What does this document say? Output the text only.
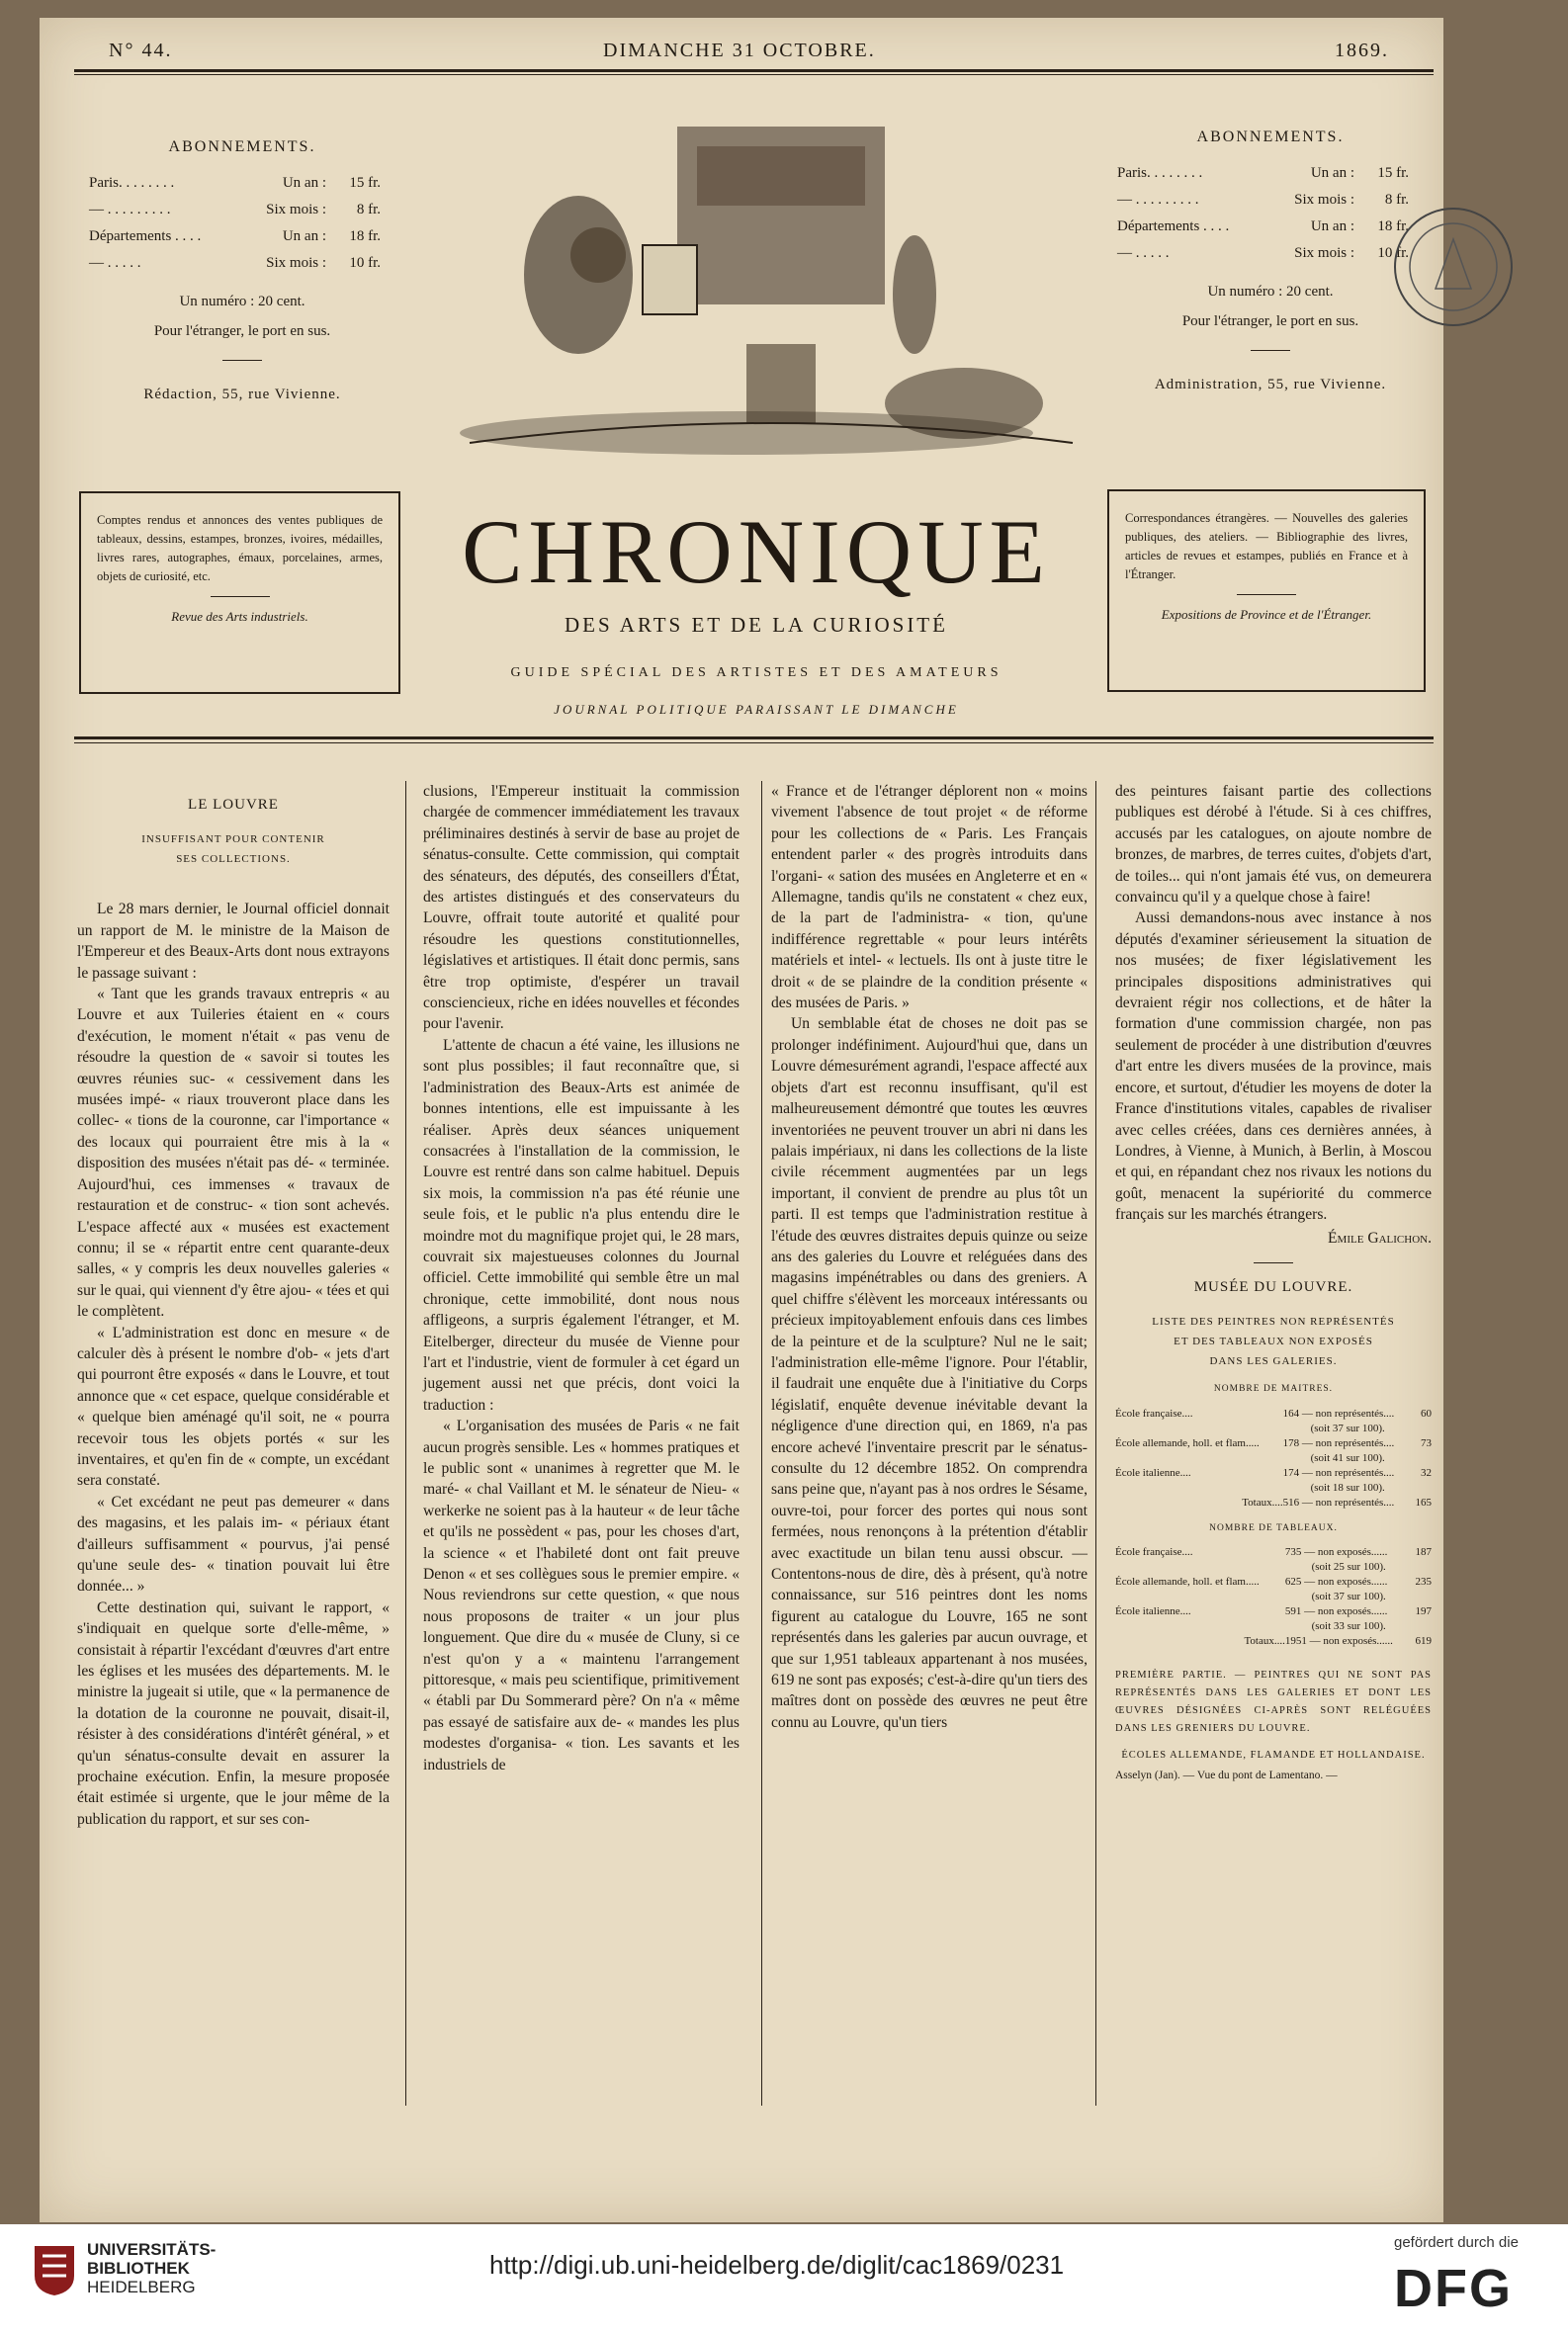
N° 44.	DIMANCHE 31 OCTOBRE.	1869.
ABONNEMENTS.
Paris. . . . . . . .	Un an :	15 fr.
— . . . . . . . . .	Six mois :	8 fr.
Départements . . . .	Un an :	18 fr.
— . . . . .	Six mois :	10 fr.
Un numéro : 20 cent.
Pour l'étranger, le port en sus.
Rédaction, 55, rue Vivienne.
ABONNEMENTS.
Paris. . . . . . . .	Un an :	15 fr.
— . . . . . . . . .	Six mois :	8 fr.
Départements . . . .	Un an :	18 fr.
— . . . . .	Six mois :	10 fr.
Un numéro : 20 cent.
Pour l'étranger, le port en sus.
Administration, 55, rue Vivienne.
Comptes rendus et annonces des ventes publiques de tableaux, dessins, estampes, bronzes, ivoires, médailles, livres rares, autographes, émaux, porcelaines, armes, objets de curiosité, etc.
Revue des Arts industriels.
Correspondances étrangères. — Nouvelles des galeries publiques, des ateliers. — Bibliographie des livres, articles de revues et estampes, publiés en France et à l'Étranger.
Expositions de Province et de l'Étranger.
CHRONIQUE
DES ARTS ET DE LA CURIOSITÉ
GUIDE SPÉCIAL DES ARTISTES ET DES AMATEURS
JOURNAL POLITIQUE PARAISSANT LE DIMANCHE
LE LOUVRE
INSUFFISANT POUR CONTENIR
SES COLLECTIONS.

Le 28 mars dernier, le Journal officiel donnait un rapport de M. le ministre de la Maison de l'Empereur et des Beaux-Arts dont nous extrayons le passage suivant :

« Tant que les grands travaux entrepris « au Louvre et aux Tuileries étaient en « cours d'exécution, le moment n'était « pas venu de résoudre la question de « savoir si toutes les œuvres réunies suc- « cessivement dans les musées impé- « riaux trouveront place dans les collec- « tions de la couronne, car l'importance « des locaux qui pourraient être mis à la « disposition des musées n'était pas dé- « terminée. Aujourd'hui, ces immenses « travaux de restauration et de construc- « tion sont achevés. L'espace affecté aux « musées est exactement connu; il se « répartit entre cent quarante-deux salles, « y compris les deux nouvelles galeries « sur le quai, qui viennent d'y être ajou- « tées et qui le complètent.

« L'administration est donc en mesure « de calculer dès à présent le nombre d'ob- « jets d'art qui pourront être exposés « dans le Louvre, et tout annonce que « cet espace, quelque considérable et « quelque bien aménagé qu'il soit, ne « pourra recevoir tous les objets portés « sur les inventaires, et qu'en fin de « compte, un excédant sera constaté.

« Cet excédant ne peut pas demeurer « dans des magasins, et les palais im- « périaux étant d'ailleurs suffisamment « pourvus, j'ai pensé qu'une seule des- « tination pouvait lui être donnée... »

Cette destination qui, suivant le rapport, « s'indiquait en quelque sorte d'elle-même, » consistait à répartir l'excédant d'œuvres d'art entre les églises et les musées des départements. M. le ministre la jugeait si utile, que « la permanence de la dotation de la couronne ne pouvait, disait-il, résister à des considérations d'intérêt général, » et qu'un sénatus-consulte devait en assurer la prochaine exécution. Enfin, la mesure proposée était estimée si urgente, que le jour même de la publication du rapport, et sur ses con-

clusions, l'Empereur instituait la commission chargée de commencer immédiatement les travaux préliminaires destinés à servir de base au projet de sénatus-consulte. Cette commission, qui comptait des sénateurs, des députés, des conseillers d'État, des artistes distingués et des conservateurs du Louvre, offrait toute autorité et qualité pour résoudre les questions constitutionnelles, législatives et artistiques. Il était donc permis, sans être trop optimiste, d'espérer un travail consciencieux, riche en idées nouvelles et fécondes pour l'avenir.

L'attente de chacun a été vaine, les illusions ne sont plus possibles; il faut reconnaître que, si l'administration des Beaux-Arts est animée de bonnes intentions, elle est impuissante à les réaliser. Après deux séances uniquement consacrées à l'installation de la commission, le Louvre est rentré dans son calme habituel. Depuis six mois, la commission n'a pas été réunie une seule fois, et le public n'a plus entendu dire le moindre mot du magnifique projet qui, le 28 mars, couvrait six majestueuses colonnes du Journal officiel. Cette immobilité qui semble être un mal chronique, cette immobilité, dont nous nous affligeons, a surpris également l'étranger, et M. Eitelberger, directeur du musée de Vienne pour l'art et l'industrie, vient de formuler à cet égard un jugement aussi net que précis, dont voici la traduction :

« L'organisation des musées de Paris « ne fait aucun progrès sensible. Les « hommes pratiques et le public sont « unanimes à regretter que M. le maré- « chal Vaillant et M. le sénateur de Nieu- « werkerke ne soient pas à la hauteur « de leur tâche et qu'ils ne possèdent « pas, pour les choses d'art, la science « et l'habileté dont ont fait preuve Denon « et ses collègues sous le premier empire. « Nous reviendrons sur cette question, « que nous nous proposons de traiter « un jour plus longuement. Que dire du « musée de Cluny, si ce n'est qu'on y a « maintenu l'arrangement pittoresque, « mais peu scientifique, primitivement « établi par Du Sommerard père? On n'a « même pas essayé de satisfaire aux de- « mandes les plus modestes d'organisa- « tion. Les savants et les industriels de

« France et de l'étranger déplorent non « moins vivement l'absence de tout projet « de réforme pour les collections de « Paris. Les Français entendent parler « des progrès introduits dans l'organi- « sation des musées en Angleterre et en « Allemagne, tandis qu'ils ne constatent « chez eux, de la part de l'administra- « tion, qu'une indifférence regrettable « pour leurs intérêts matériels et intel- « lectuels. Ils ont à juste titre le droit « de se plaindre de la condition présente « des musées de Paris. »

Un semblable état de choses ne doit pas se prolonger indéfiniment. Aujourd'hui que, dans un Louvre démesurément agrandi, l'espace affecté aux objets d'art est reconnu insuffisant, qu'il est malheureusement démontré que toutes les œuvres inventoriées ne peuvent trouver un abri ni dans les palais impériaux, ni dans les collections de la liste civile récemment augmentées par un legs important, il convient de prendre au plus tôt un parti. Il est temps que l'administration restitue à l'étude des œuvres distraites depuis quinze ou seize ans des galeries du Louvre et reléguées dans des magasins impénétrables ou dans des greniers. A quel chiffre s'élèvent les morceaux intéressants ou précieux impitoyablement enfouis dans ces limbes de la peinture et de la sculpture? Nul ne le sait; l'administration elle-même l'ignore. Pour l'établir, il faudrait une enquête due à l'initiative du Corps législatif, enquête devenue inévitable devant la négligence d'une direction qui, en 1869, n'a pas encore achevé l'inventaire prescrit par le sénatus-consulte du 12 décembre 1852. On comprendra sans peine que, n'ayant pas à nos ordres le Sésame, ouvre-toi, pour forcer des portes qui nous sont fermées, nous renonçons à la prétention d'établir avec exactitude un bilan tenu aussi obscur. — Contentons-nous de dire, dès à présent, qu'à notre connaissance, sur 516 peintres dont les noms figurent au catalogue du Louvre, 165 ne sont représentés dans les galeries par aucun ouvrage, et que sur 1,951 tableaux appartenant à nos musées, 619 ne sont pas exposés; c'est-à-dire qu'un tiers des maîtres dont on possède des œuvres ne peut être connu au Louvre, qu'un tiers

des peintures faisant partie des collections publiques est dérobé à l'étude. Si à ces chiffres, accusés par les catalogues, on ajoute nombre de bronzes, de marbres, de terres cuites, d'objets d'art, de toiles... qui n'ont jamais été vus, on demeurera convaincu qu'il y a quelque chose à faire!

Aussi demandons-nous avec instance à nos députés d'examiner sérieusement la situation de nos musées; de fixer législativement les principales dispositions administratives qui devraient régir nos collections, et de hâter la formation d'une commission chargée, non pas seulement de procéder à une distribution d'œuvres d'art entre les divers musées de la province, mais encore, et surtout, d'étudier les moyens de doter la France d'institutions vitales, capables de rivaliser avec celles créées, dans ces dernières années, à Londres, à Vienne, à Munich, à Berlin, à Moscou et qui, en répandant chez nos rivaux les notions du goût, menacent la supériorité du commerce français sur les marchés étrangers.

Émile Galichon.
MUSÉE DU LOUVRE.
LISTE DES PEINTRES NON REPRÉSENTÉS
ET DES TABLEAUX NON EXPOSÉS
DANS LES GALERIES.
NOMBRE DE MAITRES.
École française....	164 — non représentés....	60
	(soit 37 sur 100).	
École allemande, holl. et flam.....	178 — non représentés....	73
	(soit 41 sur 100).	
École italienne....	174 — non représentés....	32
	(soit 18 sur 100).	
Totaux....	516 — non représentés....	165
NOMBRE DE TABLEAUX.
École française....	735 — non exposés......	187
	(soit 25 sur 100).	
École allemande, holl. et flam.....	625 — non exposés......	235
	(soit 37 sur 100).	
École italienne....	591 — non exposés......	197
	(soit 33 sur 100).	
Totaux....	1951 — non exposés......	619
PREMIÈRE PARTIE. — PEINTRES QUI NE SONT PAS REPRÉSENTÉS DANS LES GALERIES ET DONT LES ŒUVRES DÉSIGNÉES CI-APRÈS SONT RELÉGUÉES DANS LES GRENIERS DU LOUVRE.
ÉCOLES ALLEMANDE, FLAMANDE ET HOLLANDAISE.
Asselyn (Jan). — Vue du pont de Lamentano. —
UNIVERSITÄTS-
BIBLIOTHEK
HEIDELBERG
http://digi.ub.uni-heidelberg.de/diglit/cac1869/0231
gefördert durch die
DFG
